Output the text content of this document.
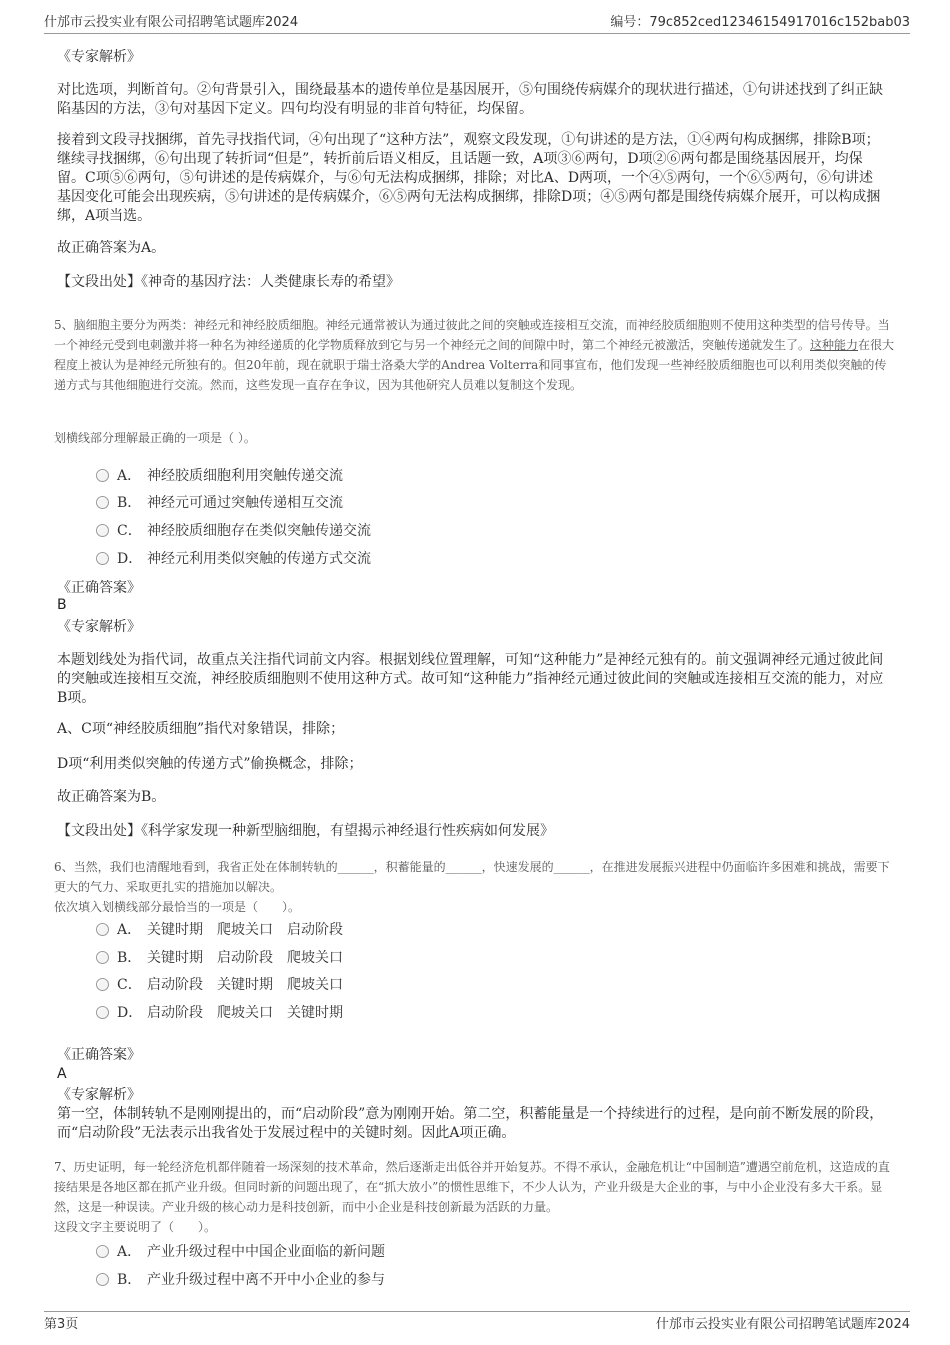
什邡市云投实业有限公司招聘笔试题库2024	编号：79c852ced12346154917016c152bab03

《专家解析》

对比选项，判断首句。②句背景引入，围绕最基本的遗传单位是基因展开，⑤句围绕传病媒介的现状进行描述，①句讲述找到了纠正缺陷基因的方法，③句对基因下定义。四句均没有明显的非首句特征，均保留。

接着到文段寻找捆绑，首先寻找指代词，④句出现了“这种方法”，观察文段发现，①句讲述的是方法，①④两句构成捆绑，排除B项；继续寻找捆绑，⑥句出现了转折词“但是”，转折前后语义相反，且话题一致，A项③⑥两句，D项②⑥两句都是围绕基因展开，均保留。C项⑤⑥两句，⑤句讲述的是传病媒介，与⑥句无法构成捆绑，排除；对比A、D两项，一个④⑤两句，一个⑥⑤两句，⑥句讲述基因变化可能会出现疾病，⑤句讲述的是传病媒介，⑥⑤两句无法构成捆绑，排除D项；④⑤两句都是围绕传病媒介展开，可以构成捆绑，A项当选。

故正确答案为A。

【文段出处】《神奇的基因疗法：人类健康长寿的希望》

5、脑细胞主要分为两类：神经元和神经胶质细胞。神经元通常被认为通过彼此之间的突触或连接相互交流，而神经胶质细胞则不使用这种类型的信号传导。当一个神经元受到电刺激并将一种名为神经递质的化学物质释放到它与另一个神经元之间的间隙中时，第二个神经元被激活，突触传递就发生了。这种能力在很大程度上被认为是神经元所独有的。但20年前，现在就职于瑞士洛桑大学的Andrea Volterra和同事宣布，他们发现一些神经胶质细胞也可以利用类似突触的传递方式与其他细胞进行交流。然而，这些发现一直存在争议，因为其他研究人员难以复制这个发现。

划横线部分理解最正确的一项是（ ）。

A． 神经胶质细胞利用突触传递交流
B． 神经元可通过突触传递相互交流
C． 神经胶质细胞存在类似突触传递交流
D． 神经元利用类似突触的传递方式交流

《正确答案》

B

《专家解析》

本题划线处为指代词，故重点关注指代词前文内容。根据划线位置理解，可知“这种能力”是神经元独有的。前文强调神经元通过彼此间的突触或连接相互交流，神经胶质细胞则不使用这种方式。故可知“这种能力”指神经元通过彼此间的突触或连接相互交流的能力，对应B项。

A、C项“神经胶质细胞”指代对象错误，排除；

D项“利用类似突触的传递方式”偷换概念，排除；

故正确答案为B。

【文段出处】《科学家发现一种新型脑细胞，有望揭示神经退行性疾病如何发展》

6、当然，我们也清醒地看到，我省正处在体制转轨的______，积蓄能量的______，快速发展的______，在推进发展振兴进程中仍面临许多困难和挑战，需要下更大的气力、采取更扎实的措施加以解决。

依次填入划横线部分最恰当的一项是（　　）。

A． 关键时期　爬坡关口　启动阶段
B． 关键时期　启动阶段　爬坡关口
C． 启动阶段　关键时期　爬坡关口
D． 启动阶段　爬坡关口　关键时期

《正确答案》

A

《专家解析》

第一空，体制转轨不是刚刚提出的，而“启动阶段”意为刚刚开始。第二空，积蓄能量是一个持续进行的过程，是向前不断发展的阶段，而“启动阶段”无法表示出我省处于发展过程中的关键时刻。因此A项正确。

7、历史证明，每一轮经济危机都伴随着一场深刻的技术革命，然后逐渐走出低谷并开始复苏。不得不承认，金融危机让“中国制造”遭遇空前危机，这造成的直接结果是各地区都在抓产业升级。但同时新的问题出现了，在“抓大放小”的惯性思维下，不少人认为，产业升级是大企业的事，与中小企业没有多大干系。显然，这是一种误读。产业升级的核心动力是科技创新，而中小企业是科技创新最为活跃的力量。

这段文字主要说明了（　　）。

A． 产业升级过程中中国企业面临的新问题
B． 产业升级过程中离不开中小企业的参与
第3页	什邡市云投实业有限公司招聘笔试题库2024
